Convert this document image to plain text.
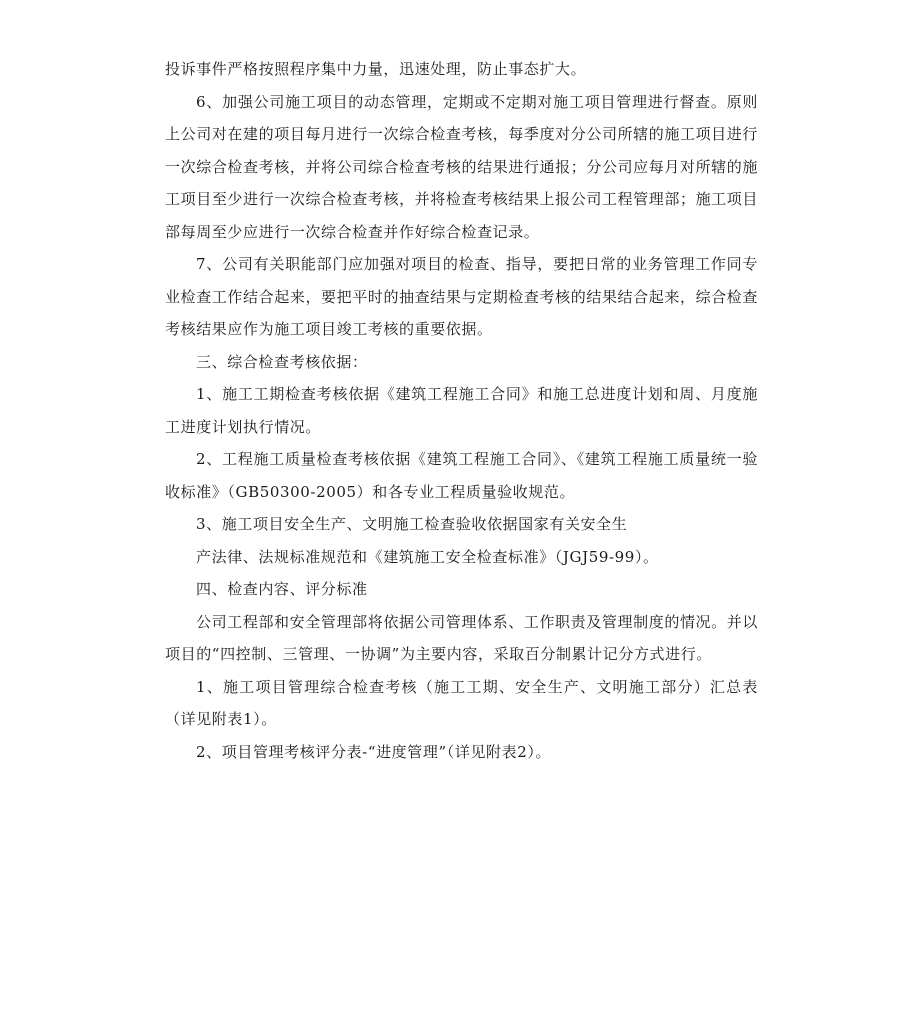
投诉事件严格按照程序集中力量，迅速处理，防止事态扩大。

6、加强公司施工项目的动态管理，定期或不定期对施工项目管理进行督查。原则上公司对在建的项目每月进行一次综合检查考核，每季度对分公司所辖的施工项目进行一次综合检查考核，并将公司综合检查考核的结果进行通报；分公司应每月对所辖的施工项目至少进行一次综合检查考核，并将检查考核结果上报公司工程管理部；施工项目部每周至少应进行一次综合检查并作好综合检查记录。

7、公司有关职能部门应加强对项目的检查、指导，要把日常的业务管理工作同专业检查工作结合起来，要把平时的抽查结果与定期检查考核的结果结合起来，综合检查考核结果应作为施工项目竣工考核的重要依据。

三、综合检查考核依据：

1、施工工期检查考核依据《建筑工程施工合同》和施工总进度计划和周、月度施工进度计划执行情况。

2、工程施工质量检查考核依据《建筑工程施工合同》、《建筑工程施工质量统一验收标准》（GB50300-2005）和各专业工程质量验收规范。

3、施工项目安全生产、文明施工检查验收依据国家有关安全生

产法律、法规标准规范和《建筑施工安全检查标准》（JGJ59-99）。

四、检查内容、评分标准

公司工程部和安全管理部将依据公司管理体系、工作职责及管理制度的情况。并以项目的“四控制、三管理、一协调”为主要内容，采取百分制累计记分方式进行。

1、施工项目管理综合检查考核（施工工期、安全生产、文明施工部分）汇总表（详见附表1）。

2、项目管理考核评分表-“进度管理”（详见附表2）。
